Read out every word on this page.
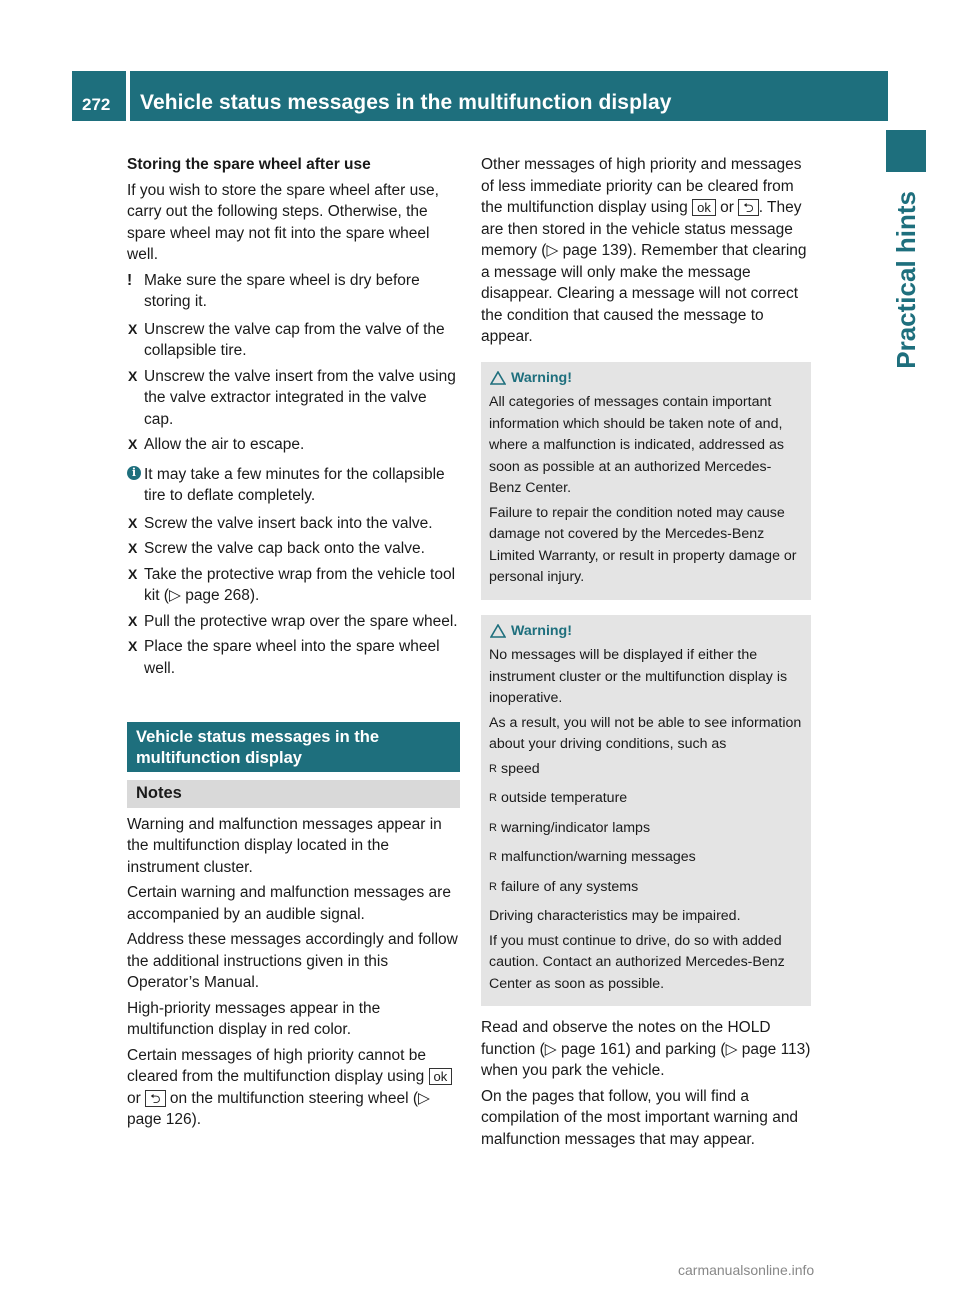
272	Vehicle status messages in the multifunction display
Practical hints

Storing the spare wheel after use

If you wish to store the spare wheel after use, carry out the following steps. Otherwise, the spare wheel may not fit into the spare wheel well.

! Make sure the spare wheel is dry before storing it.
X Unscrew the valve cap from the valve of the collapsible tire.
X Unscrew the valve insert from the valve using the valve extractor integrated in the valve cap.
X Allow the air to escape.
i It may take a few minutes for the collapsible tire to deflate completely.
X Screw the valve insert back into the valve.
X Screw the valve cap back onto the valve.
X Take the protective wrap from the vehicle tool kit (▷ page 268).
X Pull the protective wrap over the spare wheel.
X Place the spare wheel into the spare wheel well.
Vehicle status messages in the multifunction display
Notes

Warning and malfunction messages appear in the multifunction display located in the instrument cluster.

Certain warning and malfunction messages are accompanied by an audible signal.

Address these messages accordingly and follow the additional instructions given in this Operator’s Manual.

High-priority messages appear in the multifunction display in red color.

Certain messages of high priority cannot be cleared from the multifunction display using ok or ⮌ on the multifunction steering wheel (▷ page 126).

Other messages of high priority and messages of less immediate priority can be cleared from the multifunction display using ok or ⮌ . They are then stored in the vehicle status message memory (▷ page 139). Remember that clearing a message will only make the message disappear. Clearing a message will not correct the condition that caused the message to appear.

Warning!

All categories of messages contain important information which should be taken note of and, where a malfunction is indicated, addressed as soon as possible at an authorized Mercedes-Benz Center.

Failure to repair the condition noted may cause damage not covered by the Mercedes-Benz Limited Warranty, or result in property damage or personal injury.

Warning!

No messages will be displayed if either the instrument cluster or the multifunction display is inoperative.

As a result, you will not be able to see information about your driving conditions, such as

R speed
R outside temperature
R warning/indicator lamps
R malfunction/warning messages
R failure of any systems

Driving characteristics may be impaired.

If you must continue to drive, do so with added caution. Contact an authorized Mercedes-Benz Center as soon as possible.

Read and observe the notes on the HOLD function (▷ page 161) and parking (▷ page 113) when you park the vehicle.

On the pages that follow, you will find a compilation of the most important warning and malfunction messages that may appear.

carmanualsonline.info
